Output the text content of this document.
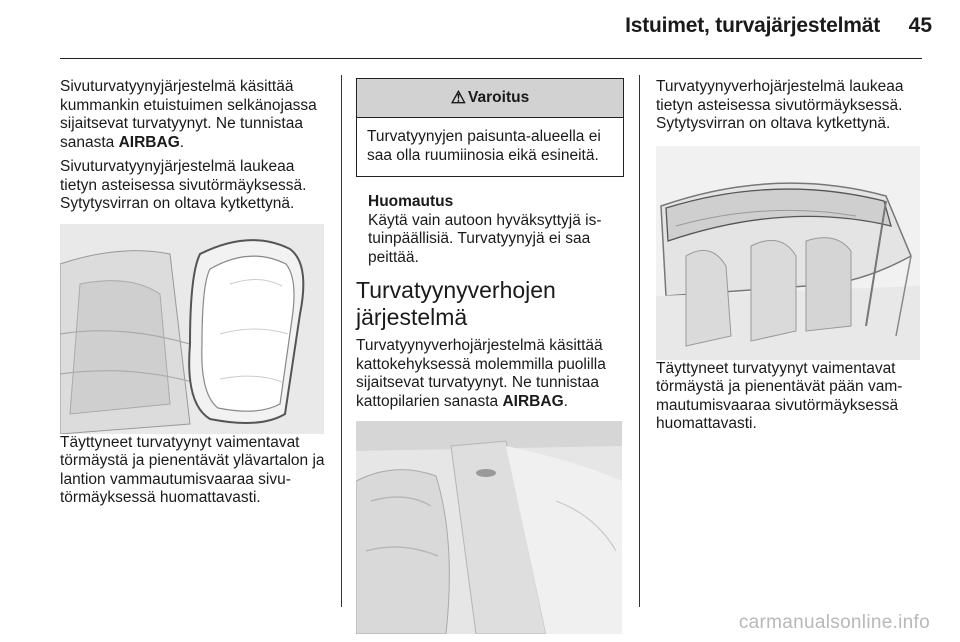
Istuimet, turvajärjestelmät	45

Sivuturvatyynyjärjestelmä käsittää kummankin etuistuimen selkänojassa sijaitsevat turvatyynyt. Ne tunnistaa sanasta AIRBAG.

Sivuturvatyynyjärjestelmä laukeaa tietyn asteisessa sivutörmäyksessä. Sytytysvirran on oltava kytkettynä.

Täyttyneet turvatyynyt vaimentavat törmäystä ja pienentävät ylävartalon ja lantion vammautumisvaaraa sivutörmäyksessä huomattavasti.

⚠ Varoitus
Turvatyynyjen paisunta-alueella ei saa olla ruumiinosia eikä esineitä.
Huomautus
Käytä vain autoon hyväksyttyjä istuinpäällisiä. Turvatyynyjä ei saa peittää.
Turvatyynyverhojen järjestelmä

Turvatyynyverhojärjestelmä käsittää kattokehyksessä molemmilla puolilla sijaitsevat turvatyynyt. Ne tunnistaa kattopilarien sanasta AIRBAG.

Turvatyynyverhojärjestelmä laukeaa tietyn asteisessa sivutörmäyksessä. Sytytysvirran on oltava kytkettynä.

Täyttyneet turvatyynyt vaimentavat törmäystä ja pienentävät pään vammautumisvaaraa sivutörmäyksessä huomattavasti.

carmanualsonline.info
